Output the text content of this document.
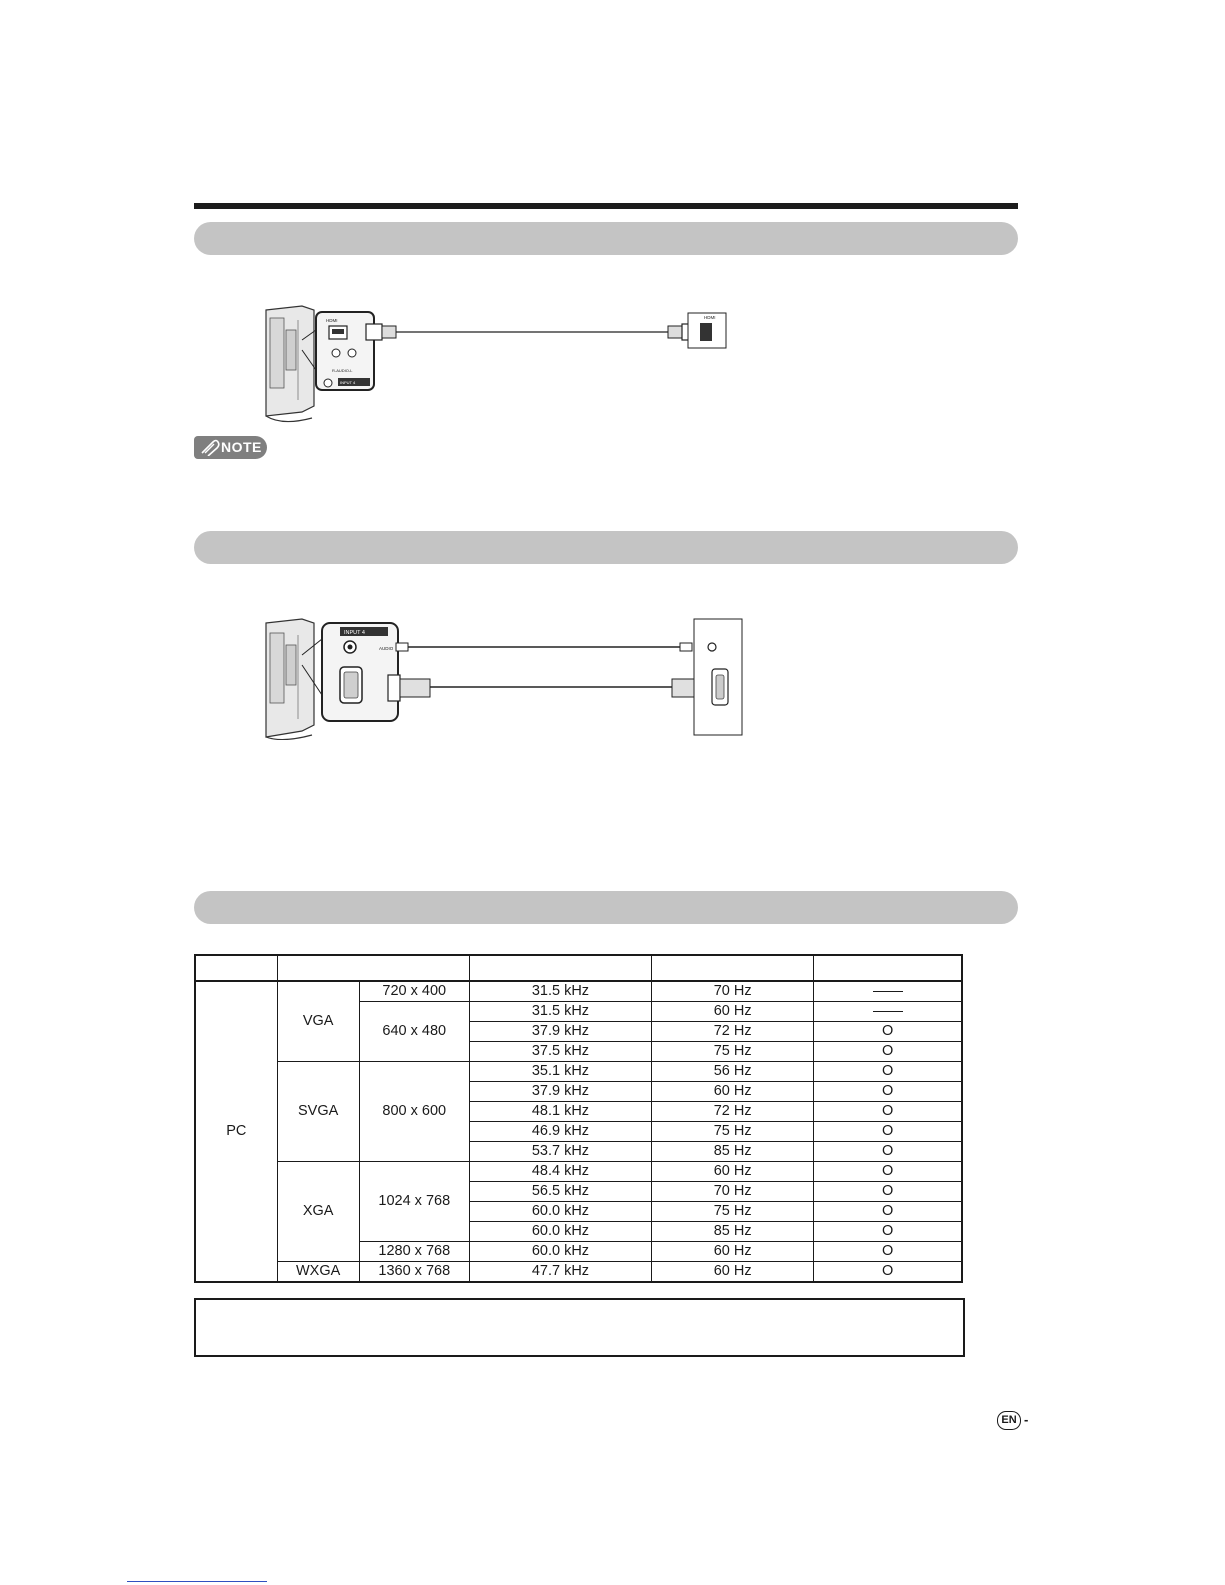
HDMI
R-AUDIO-L
INPUT 4
HDMI
NOTE
INPUT 4
AUDIO

PC	VGA	720 x 400	31.5 kHz	70 Hz	
		640 x 480	31.5 kHz	60 Hz	
			37.9 kHz	72 Hz	O
			37.5 kHz	75 Hz	O
	SVGA	800 x 600	35.1 kHz	56 Hz	O
			37.9 kHz	60 Hz	O
			48.1 kHz	72 Hz	O
			46.9 kHz	75 Hz	O
			53.7 kHz	85 Hz	O
	XGA	1024 x 768	48.4 kHz	60 Hz	O
			56.5 kHz	70 Hz	O
			60.0 kHz	75 Hz	O
			60.0 kHz	85 Hz	O
		1280 x 768	60.0 kHz	60 Hz	O
	WXGA	1360 x 768	47.7 kHz	60 Hz	O
EN -
